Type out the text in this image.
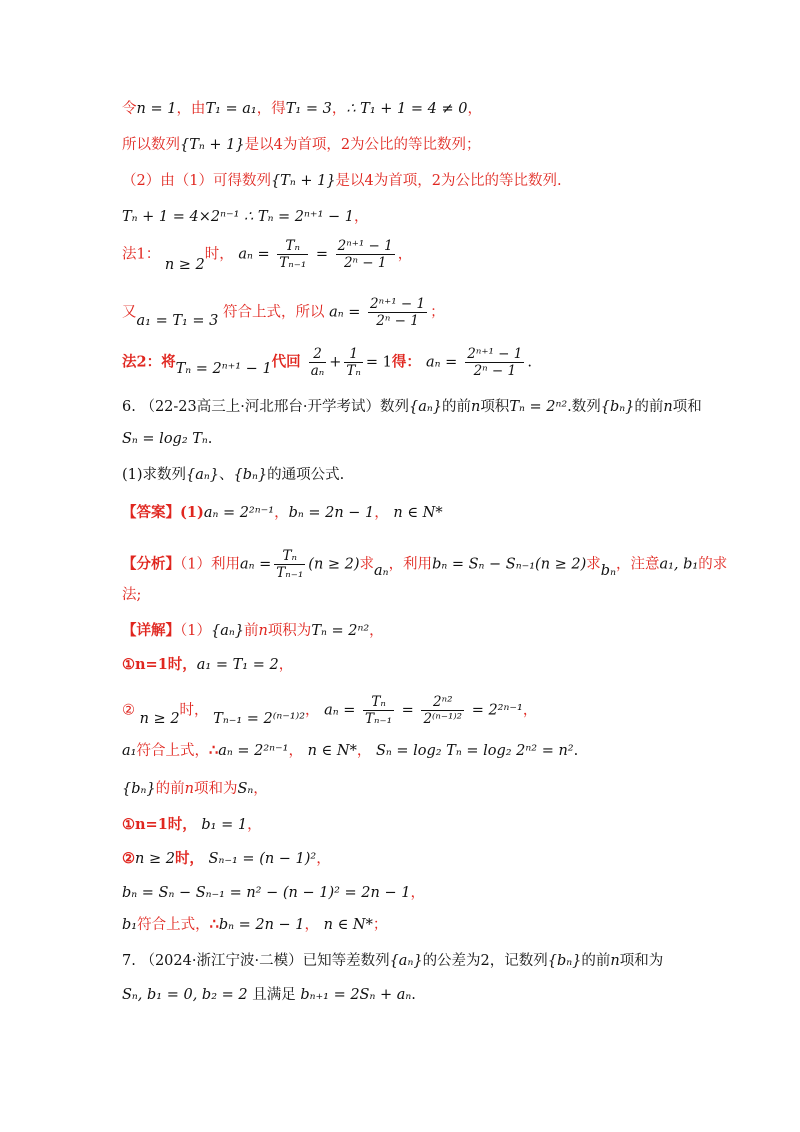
令n = 1，由T₁ = a₁，得T₁ = 3，∴ T₁ + 1 = 4 ≠ 0，
所以数列{Tₙ + 1}是以4为首项，2为公比的等比数列；
（2）由（1）可得数列{Tₙ + 1}是以4为首项，2为公比的等比数列.
Tₙ + 1 = 4×2ⁿ⁻¹ ∴ Tₙ = 2ⁿ⁺¹ − 1，
法1： n ≥ 2时， $a_n = \frac{\text{Tₙ}}{\text{Tₙ₋₁}} = \frac{\text{2ⁿ⁺¹ − 1}}{\text{2ⁿ − 1}}$ ，
又a₁ = T₁ = 3 符合上式，所以 $a_n = \frac{\text{2ⁿ⁺¹ − 1}}{\text{2ⁿ − 1}}$ ；
法2：将Tₙ = 2ⁿ⁺¹ − 1代回 $\frac{2}{\text{aₙ}} + \frac{1}{\text{Tₙ}} = 1$得： $a_n = \frac{\text{2ⁿ⁺¹ − 1}}{\text{2ⁿ − 1}}$ .
6. （22-23高三上·河北邢台·开学考试）数列{aₙ}的前n项积Tₙ = 2ⁿ².数列{bₙ}的前n项和
Sₙ = log₂ Tₙ.
(1)求数列{aₙ}、{bₙ}的通项公式.
【答案】(1)aₙ = 2²ⁿ⁻¹，bₙ = 2n − 1， n ∈ N*
【分析】（1）利用$a_n = \frac{\text{Tₙ}}{\text{Tₙ₋₁}} (n \ge 2)$求aₙ，利用bₙ = Sₙ − Sₙ₋₁(n ≥ 2)求bₙ，注意a₁, b₁的求
法;
【详解】（1）{aₙ}前n项积为Tₙ = 2ⁿ²，
①n=1时，a₁ = T₁ = 2，
② n ≥ 2时， Tₙ₋₁ = 2⁽ⁿ⁻¹⁾²， $a_n = \frac{\text{Tₙ}}{\text{Tₙ₋₁}} = \frac{\text{2ⁿ²}}{\text{2⁽ⁿ⁻¹⁾²}} = 2^{2n-1}$，
a₁符合上式，∴aₙ = 2²ⁿ⁻¹， n ∈ N*， Sₙ = log₂ Tₙ = log₂ 2ⁿ² = n².
{bₙ}的前n项和为Sₙ，
①n=1时， b₁ = 1，
②n ≥ 2时， Sₙ₋₁ = (n − 1)²，
bₙ = Sₙ − Sₙ₋₁ = n² − (n − 1)² = 2n − 1，
b₁符合上式，∴bₙ = 2n − 1， n ∈ N*；
7. （2024·浙江宁波·二模）已知等差数列{aₙ}的公差为2，记数列{bₙ}的前n项和为
Sₙ, b₁ = 0, b₂ = 2 且满足 bₙ₊₁ = 2Sₙ + aₙ.
